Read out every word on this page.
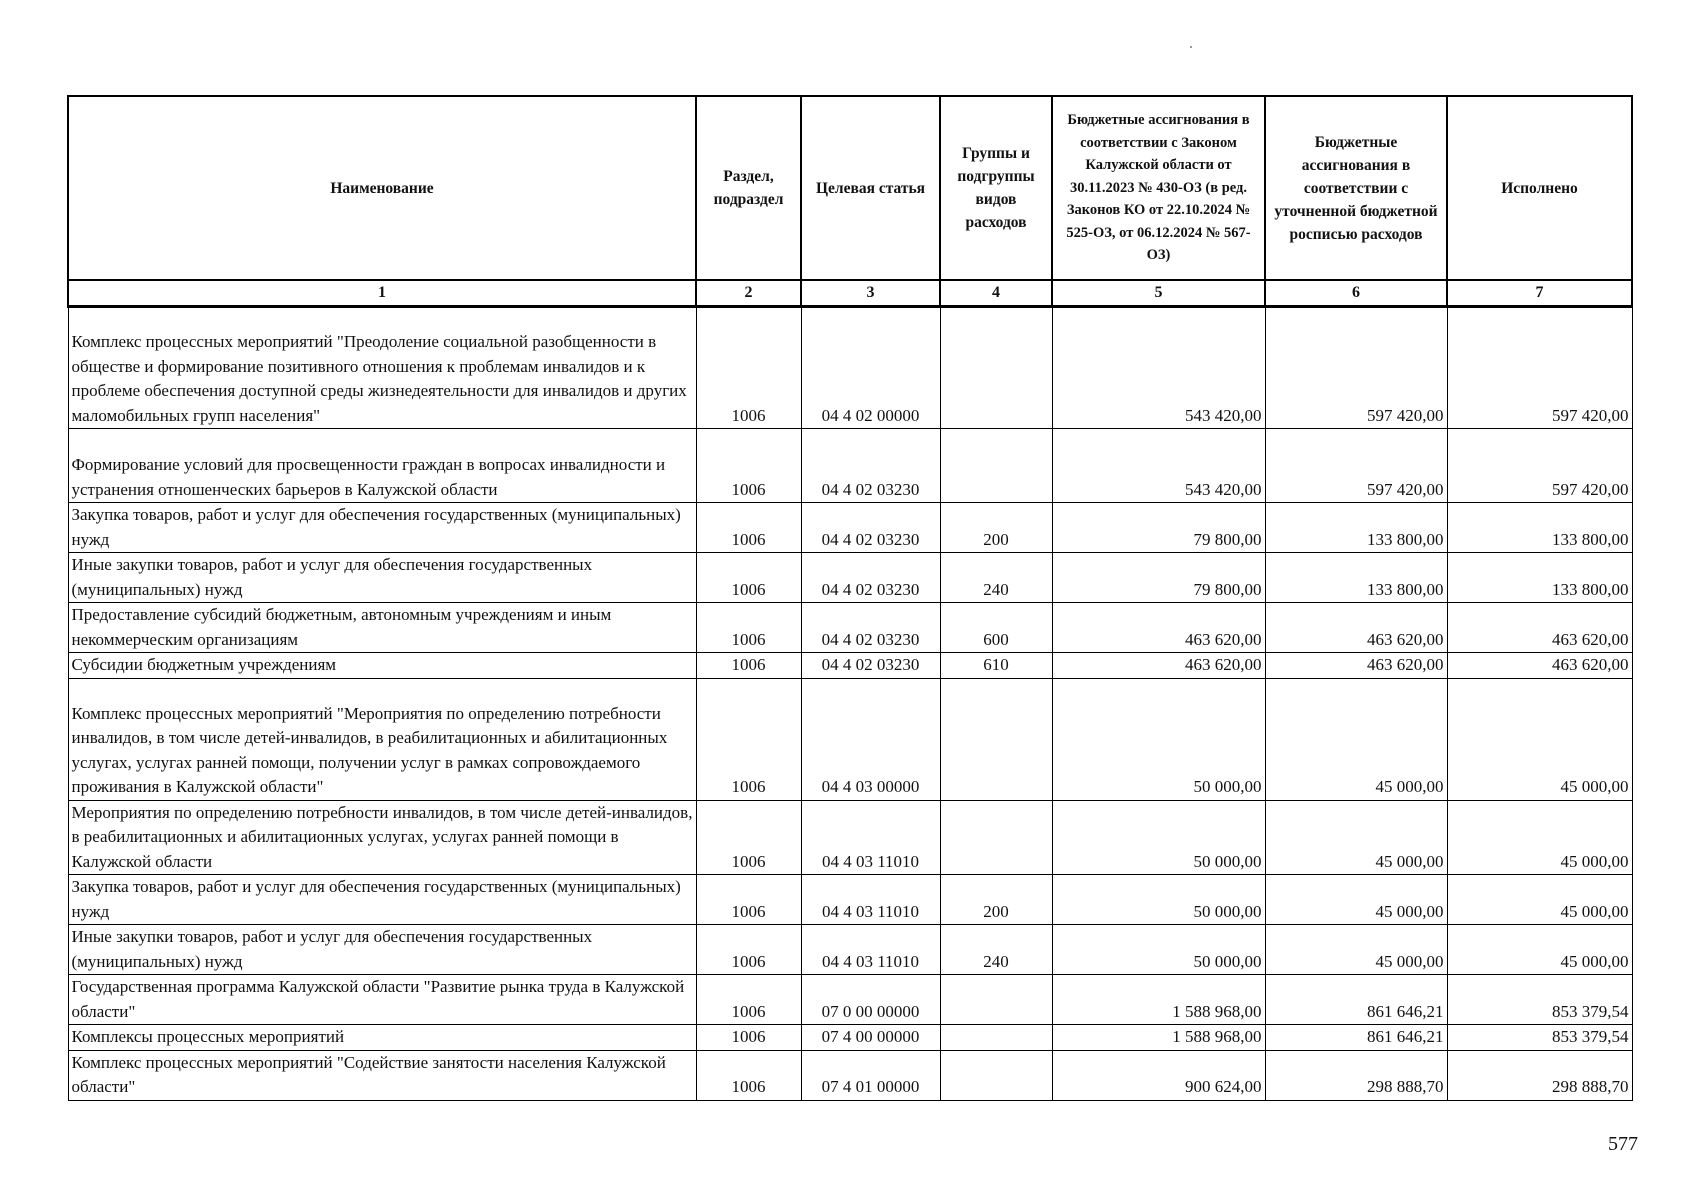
Наименование	Раздел, подраздел	Целевая статья	Группы и подгруппы видов расходов	Бюджетные ассигнования в соответствии с Законом Калужской области от 30.11.2023 № 430-ОЗ (в ред. Законов КО от 22.10.2024 № 525-ОЗ, от 06.12.2024 № 567-ОЗ)	Бюджетные ассигнования в соответствии с уточненной бюджетной росписью расходов	Исполнено
1	2	3	4	5	6	7
Комплекс процессных мероприятий "Преодоление социальной разобщенности в обществе и формирование позитивного отношения к проблемам инвалидов и к проблеме обеспечения доступной среды жизнедеятельности для инвалидов и других маломобильных групп населения"	1006	04 4 02 00000		543 420,00	597 420,00	597 420,00
Формирование условий для просвещенности граждан в вопросах инвалидности и устранения отношенческих барьеров в Калужской области	1006	04 4 02 03230		543 420,00	597 420,00	597 420,00
Закупка товаров, работ и услуг для обеспечения государственных (муниципальных) нужд	1006	04 4 02 03230	200	79 800,00	133 800,00	133 800,00
Иные закупки товаров, работ и услуг для обеспечения государственных (муниципальных) нужд	1006	04 4 02 03230	240	79 800,00	133 800,00	133 800,00
Предоставление субсидий бюджетным, автономным учреждениям и иным некоммерческим организациям	1006	04 4 02 03230	600	463 620,00	463 620,00	463 620,00
Субсидии бюджетным учреждениям	1006	04 4 02 03230	610	463 620,00	463 620,00	463 620,00
Комплекс процессных мероприятий "Мероприятия по определению потребности инвалидов, в том числе детей-инвалидов, в реабилитационных и абилитационных услугах, услугах ранней помощи, получении услуг в рамках сопровождаемого проживания в Калужской области"	1006	04 4 03 00000		50 000,00	45 000,00	45 000,00
Мероприятия по определению потребности инвалидов, в том числе детей-инвалидов, в реабилитационных и абилитационных услугах, услугах ранней помощи в Калужской области	1006	04 4 03 11010		50 000,00	45 000,00	45 000,00
Закупка товаров, работ и услуг для обеспечения государственных (муниципальных) нужд	1006	04 4 03 11010	200	50 000,00	45 000,00	45 000,00
Иные закупки товаров, работ и услуг для обеспечения государственных (муниципальных) нужд	1006	04 4 03 11010	240	50 000,00	45 000,00	45 000,00
Государственная программа Калужской области "Развитие рынка труда в Калужской области"	1006	07 0 00 00000		1 588 968,00	861 646,21	853 379,54
Комплексы процессных мероприятий	1006	07 4 00 00000		1 588 968,00	861 646,21	853 379,54
Комплекс процессных мероприятий "Содействие занятости населения Калужской области"	1006	07 4 01 00000		900 624,00	298 888,70	298 888,70
577
